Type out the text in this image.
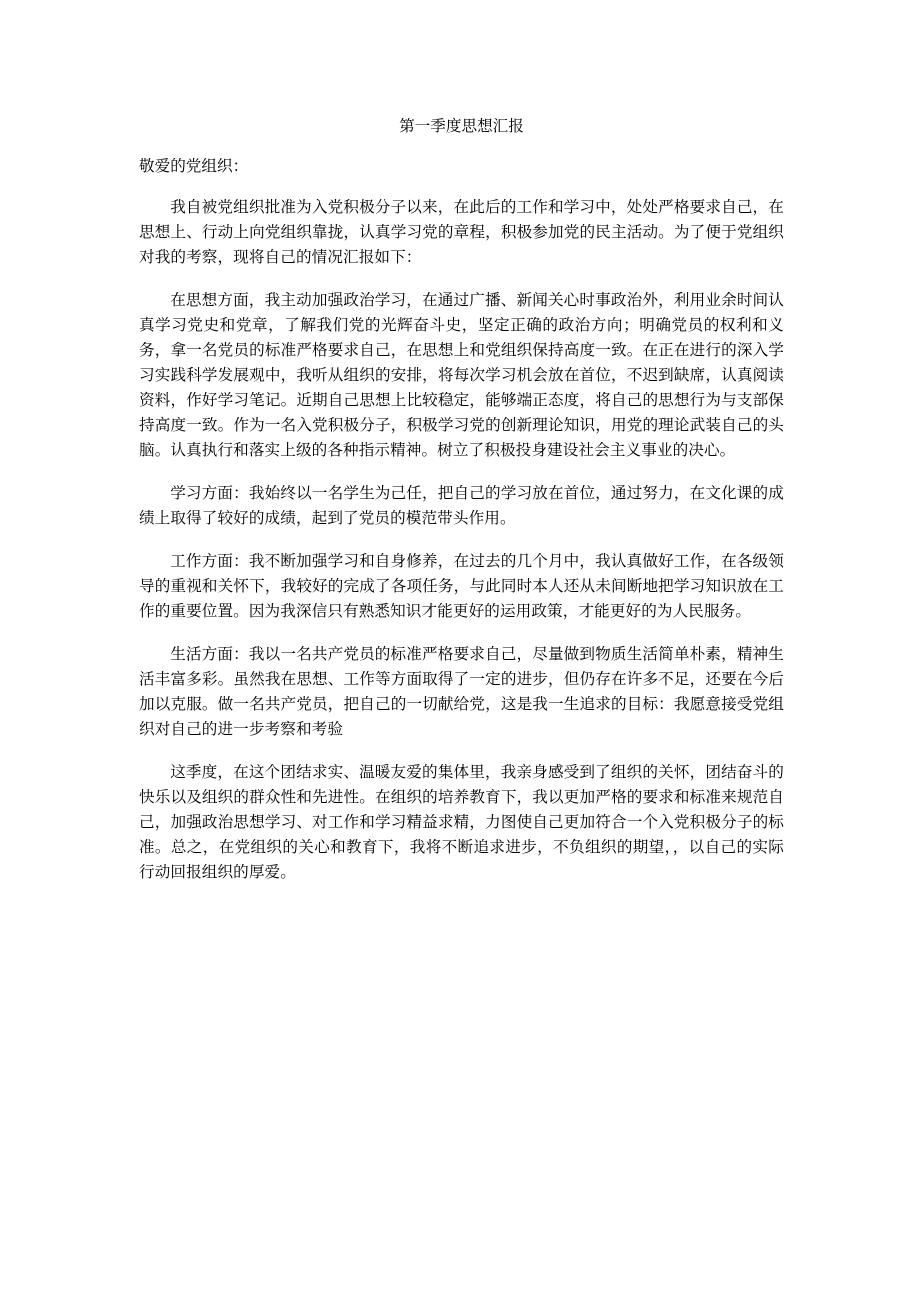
第一季度思想汇报
敬爱的党组织：

我自被党组织批准为入党积极分子以来，在此后的工作和学习中，处处严格要求自己，在思想上、行动上向党组织靠拢，认真学习党的章程，积极参加党的民主活动。为了便于党组织对我的考察，现将自己的情况汇报如下：

在思想方面，我主动加强政治学习，在通过广播、新闻关心时事政治外，利用业余时间认真学习党史和党章，了解我们党的光辉奋斗史，坚定正确的政治方向；明确党员的权利和义务，拿一名党员的标准严格要求自己，在思想上和党组织保持高度一致。在正在进行的深入学习实践科学发展观中，我听从组织的安排，将每次学习机会放在首位，不迟到缺席，认真阅读资料，作好学习笔记。近期自己思想上比较稳定，能够端正态度，将自己的思想行为与支部保持高度一致。作为一名入党积极分子，积极学习党的创新理论知识，用党的理论武装自己的头脑。认真执行和落实上级的各种指示精神。树立了积极投身建设社会主义事业的决心。

学习方面：我始终以一名学生为己任，把自己的学习放在首位，通过努力，在文化课的成绩上取得了较好的成绩，起到了党员的模范带头作用。

工作方面：我不断加强学习和自身修养，在过去的几个月中，我认真做好工作，在各级领导的重视和关怀下，我较好的完成了各项任务，与此同时本人还从未间断地把学习知识放在工作的重要位置。因为我深信只有熟悉知识才能更好的运用政策，才能更好的为人民服务。

生活方面：我以一名共产党员的标准严格要求自己，尽量做到物质生活简单朴素，精神生活丰富多彩。虽然我在思想、工作等方面取得了一定的进步，但仍存在许多不足，还要在今后加以克服。做一名共产党员，把自己的一切献给党，这是我一生追求的目标：我愿意接受党组织对自己的进一步考察和考验

这季度，在这个团结求实、温暖友爱的集体里，我亲身感受到了组织的关怀，团结奋斗的快乐以及组织的群众性和先进性。在组织的培养教育下，我以更加严格的要求和标准来规范自己，加强政治思想学习、对工作和学习精益求精，力图使自己更加符合一个入党积极分子的标准。总之，在党组织的关心和教育下，我将不断追求进步，不负组织的期望，，以自己的实际行动回报组织的厚爱。
